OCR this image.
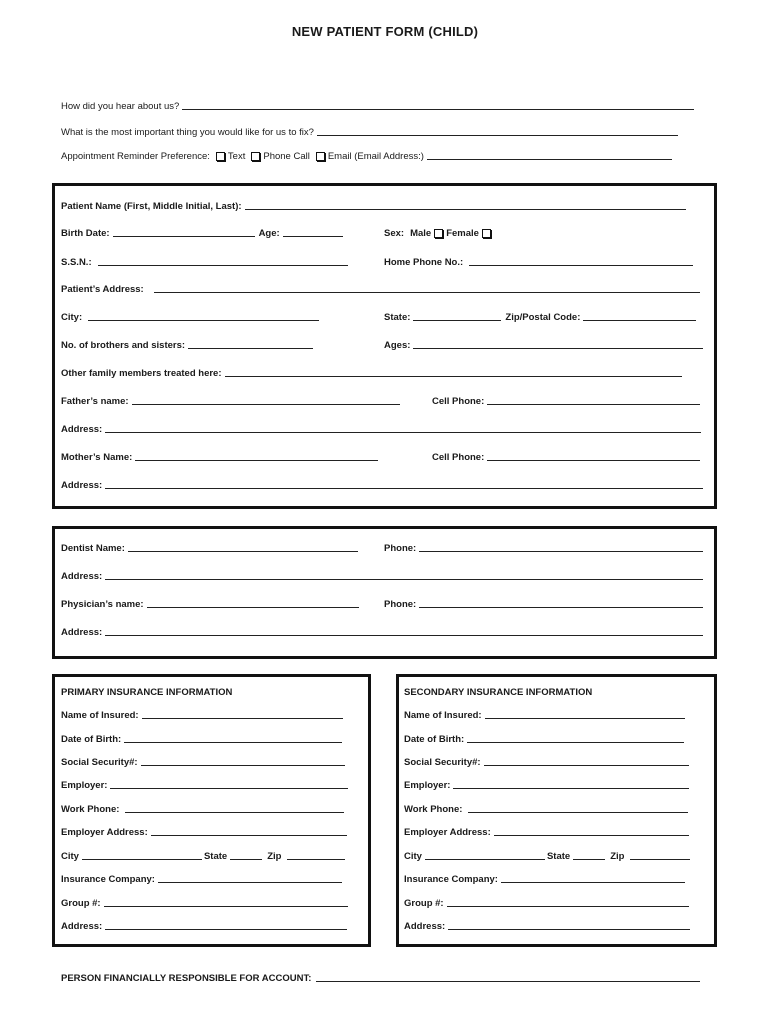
NEW PATIENT FORM (CHILD)
How did you hear about us?
What is the most important thing you would like for us to fix?
Appointment Reminder Preference: Text Phone Call Email (Email Address:)
Patient Name (First, Middle Initial, Last):
Birth Date:	Age:	Sex: Male Female
S.S.N.:	Home Phone No.:
Patient’s Address:
City:	State:	Zip/Postal Code:
No. of brothers and sisters:	Ages:
Other family members treated here:
Father’s name:	Cell Phone:
Address:
Mother’s Name:	Cell Phone:
Address:
Dentist Name:	Phone:
Address:
Physician’s name:	Phone:
Address:
PRIMARY INSURANCE INFORMATION
Name of Insured:
Date of Birth:
Social Security#:
Employer:
Work Phone:
Employer Address:
City	State	Zip
Insurance Company:
Group #:
Address:
SECONDARY INSURANCE INFORMATION
Name of Insured:
Date of Birth:
Social Security#:
Employer:
Work Phone:
Employer Address:
City	State	Zip
Insurance Company:
Group #:
Address:
PERSON FINANCIALLY RESPONSIBLE FOR ACCOUNT:
